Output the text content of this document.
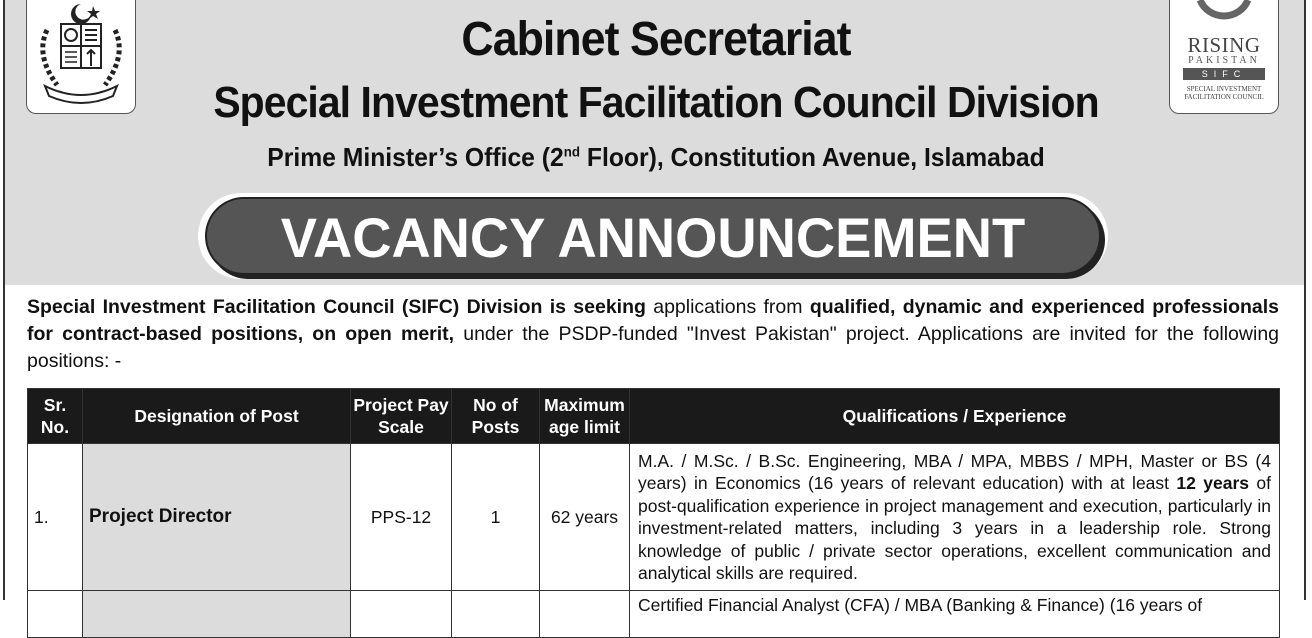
RISING
PAKISTAN
SIFC
SPECIAL INVESTMENT
FACILITATION COUNCIL
Cabinet Secretariat
Special Investment Facilitation Council Division
Prime Minister’s Office (2nd Floor), Constitution Avenue, Islamabad
VACANCY ANNOUNCEMENT
Special Investment Facilitation Council (SIFC) Division is seeking applications from qualified, dynamic and experienced professionals for contract-based positions, on open merit, under the PSDP-funded "Invest Pakistan" project. Applications are invited for the following positions: -
Sr. No.	Designation of Post	Project Pay Scale	No of Posts	Maximum age limit	Qualifications / Experience
1.	Project Director	PPS-12	1	62 years	M.A. / M.Sc. / B.Sc. Engineering, MBA / MPA, MBBS / MPH, Master or BS (4 years) in Economics (16 years of relevant education) with at least 12 years of post-qualification experience in project management and execution, particularly in investment-related matters, including 3 years in a leadership role. Strong knowledge of public / private sector operations, excellent communication and analytical skills are required.
					Certified Financial Analyst (CFA) / MBA (Banking & Finance) (16 years of
